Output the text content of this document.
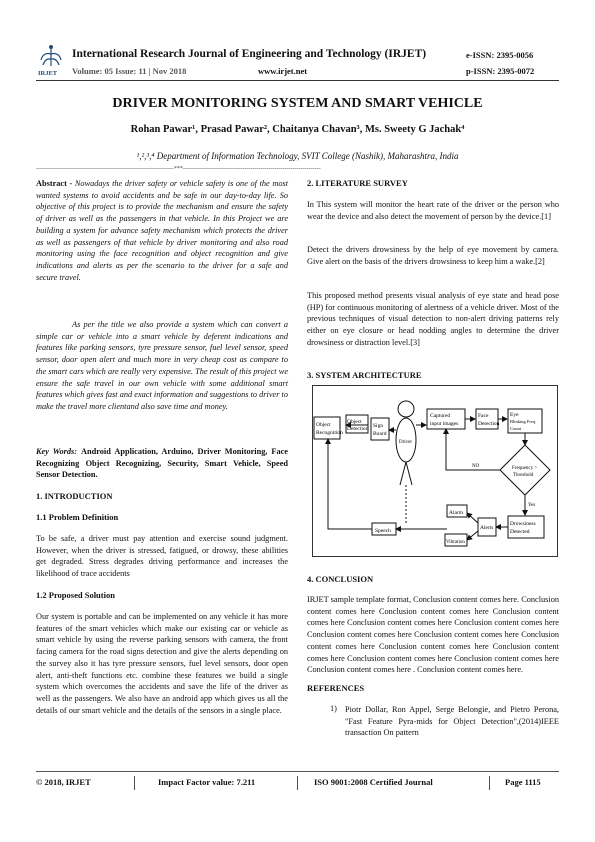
IRJET
International Research Journal of Engineering and Technology (IRJET)
Volume: 05 Issue: 11 | Nov 2018	www.irjet.net
e-ISSN: 2395-0056
p-ISSN: 2395-0072
DRIVER MONITORING SYSTEM AND SMART VEHICLE
Rohan Pawar¹, Prasad Pawar², Chaitanya Chavan³, Ms. Sweety G Jachak⁴
¹,²,³,⁴ Department of Information Technology, SVIT College (Nashik), Maharashtra, India
---------------------------------------------------------------------***---------------------------------------------------------------------
Abstract - Nowadays the driver safety or vehicle safety is one of the most wanted systems to avoid accidents and be safe in our day-to-day life. So objective of this project is to provide the mechanism and ensure the safety of driver as well as the passengers in that vehicle. In this Project we are building a system for advance safety mechanism which protects the driver as well as passengers of that vehicle by driver monitoring and also road monitoring using the face recognition and object recognition and give indications and alerts as per the scenario to the driver for a safe and secure travel.
As per the title we also provide a system which can convert a simple car or vehicle into a smart vehicle by deferent indications and features like parking sensors, tyre pressure sensor, fuel level sensor, speed sensor, door open alert and much more in very cheap cost as compare to the smart cars which are really very expensive. The result of this project we ensure the safe travel in our own vehicle with some additional smart features which gives fast and exact information and suggestions to driver to make the travel more clientand also save time and money.
Key Words: Android Application, Arduino, Driver Monitoring, Face Recognizing Object Recognizing, Security, Smart Vehicle, Speed Sensor Detection.
1. INTRODUCTION
1.1 Problem Definition
To be safe, a driver must pay attention and exercise sound judgment. However, when the driver is stressed, fatigued, or drowsy, these abilities get degraded. Stress degrades driving performance and increases the likelihood of trace accidents
1.2 Proposed Solution
Our system is portable and can be implemented on any vehicle it has more features of the smart vehicles which make our existing car or vehicle as smart vehicle by using the reverse parking sensors with camera, the front facing camera for the road signs detection and give the alerts depending on the survey also it has tyre pressure sensors, fuel level sensors, door open alert, anti-theft functions etc. combine these features we build a single system which overcomes the accidents and save the life of the driver as well as the passengers. We also have an android app which gives us all the details of our smart vehicle and the details of the sensors in a single place.
2. LITERATURE SURVEY
In This system will monitor the heart rate of the driver or the person who wear the device and also detect the movement of person by the device.[1]
Detect the drivers drowsiness by the help of eye movement by camera. Give alert on the basis of the drivers drowsiness to keep him a wake.[2]
This proposed method presents visual analysis of eye state and head pose (HP) for continuous monitoring of alertness of a vehicle driver. Most of the previous techniques of visual detection to non-alert driving patterns rely either on eye closure or head nodding angles to determine the driver drowsiness or distraction level.[3]
3. SYSTEM ARCHITECTURE
Object
Recognition
Object
Detection Sign
Board
Driver
Captured
input images
Face
Detection
Eye
Blinking Freq.
Count
Frequency >
Threshold
NO
Yes
Drowsiness
Detected
Alerts
Alarm
Vibration
Speech
4. CONCLUSION
IRJET sample template format, Conclusion content comes here. Conclusion content comes here Conclusion content comes here Conclusion content comes here Conclusion content comes here Conclusion content comes here Conclusion content comes here Conclusion content comes here Conclusion content comes here Conclusion content comes here Conclusion content comes here Conclusion content comes here Conclusion content comes here Conclusion content comes here . Conclusion content comes here.
REFERENCES
1) Piotr Dollar, Ron Appel, Serge Belongie, and Pietro Perona, "Fast Feature Pyra-mids for Object Detection",(2014)IEEE transaction On pattern
© 2018, IRJET	Impact Factor value: 7.211	ISO 9001:2008 Certified Journal	Page 1115
